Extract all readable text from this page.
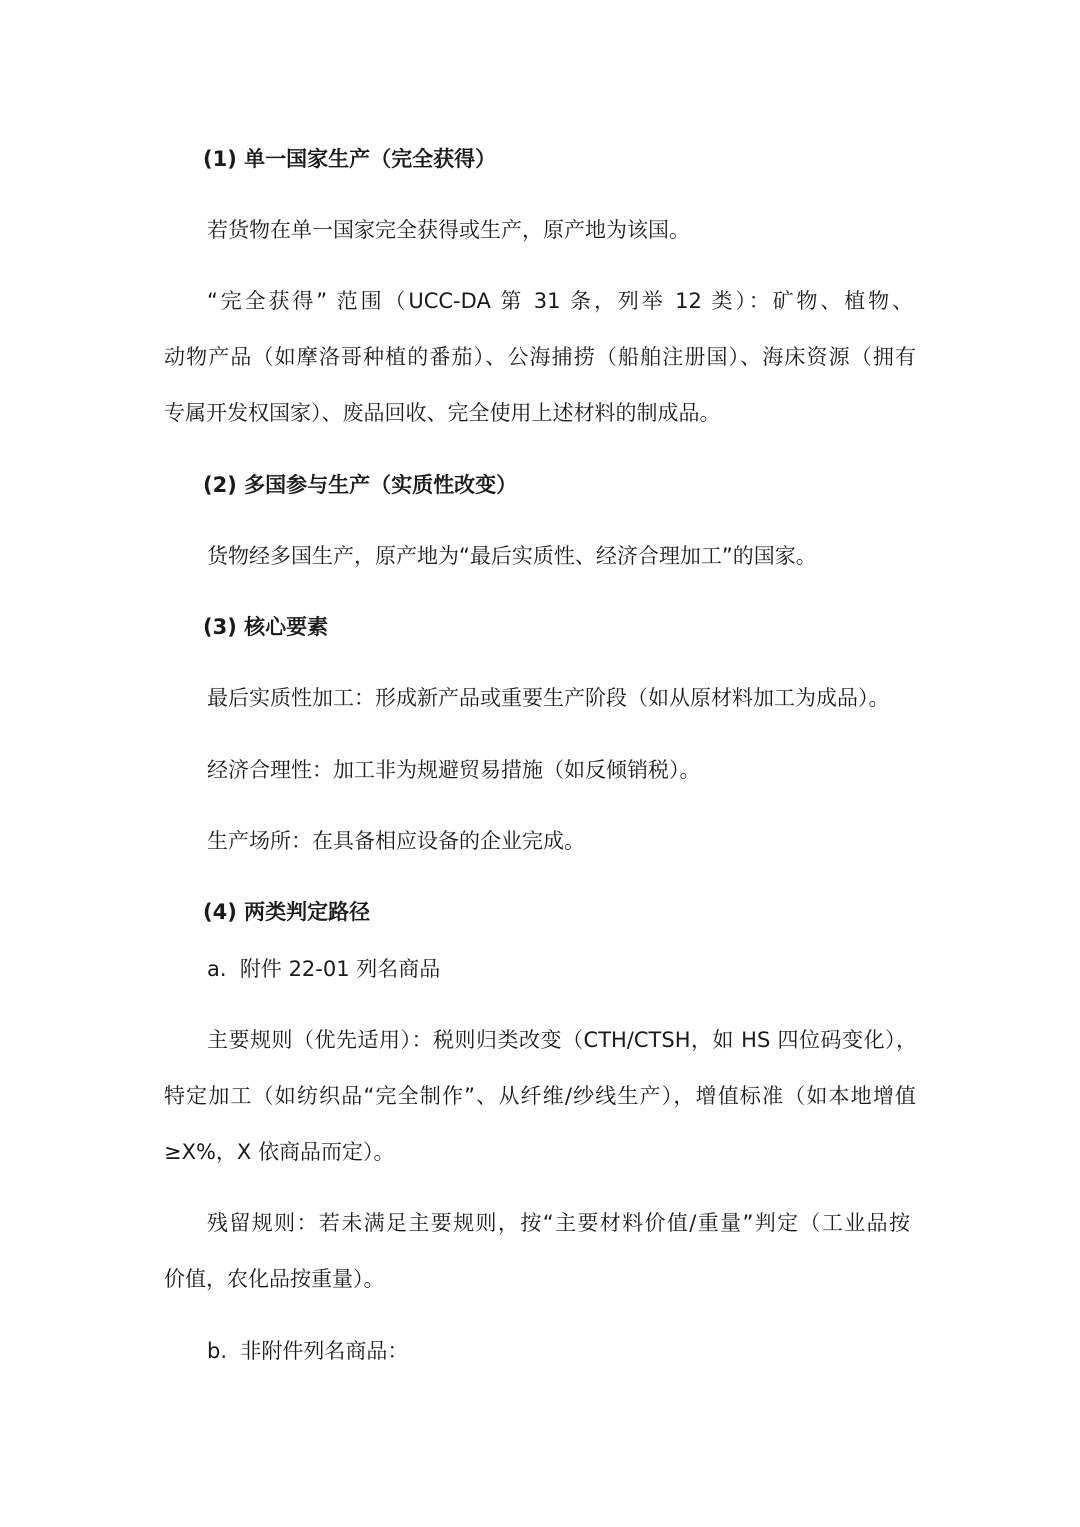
(1) 单一国家生产（完全获得）
若货物在单一国家完全获得或生产，原产地为该国。
“完全获得” 范围（UCC-DA 第 31 条，列举 12 类）：矿物、植物、
动物产品（如摩洛哥种植的番茄）、公海捕捞（船舶注册国）、海床资源（拥有
专属开发权国家）、废品回收、完全使用上述材料的制成品。
(2) 多国参与生产（实质性改变）
货物经多国生产，原产地为“最后实质性、经济合理加工”的国家。
(3) 核心要素
最后实质性加工：形成新产品或重要生产阶段（如从原材料加工为成品）。
经济合理性：加工非为规避贸易措施（如反倾销税）。
生产场所：在具备相应设备的企业完成。
(4) 两类判定路径
a.  附件 22-01 列名商品
主要规则（优先适用）：税则归类改变（CTH/CTSH，如 HS 四位码变化），
特定加工（如纺织品“完全制作”、从纤维/纱线生产），增值标准（如本地增值
≥X%，X 依商品而定）。
残留规则：若未满足主要规则，按“主要材料价值/重量”判定（工业品按
价值，农化品按重量）。
b.  非附件列名商品：
